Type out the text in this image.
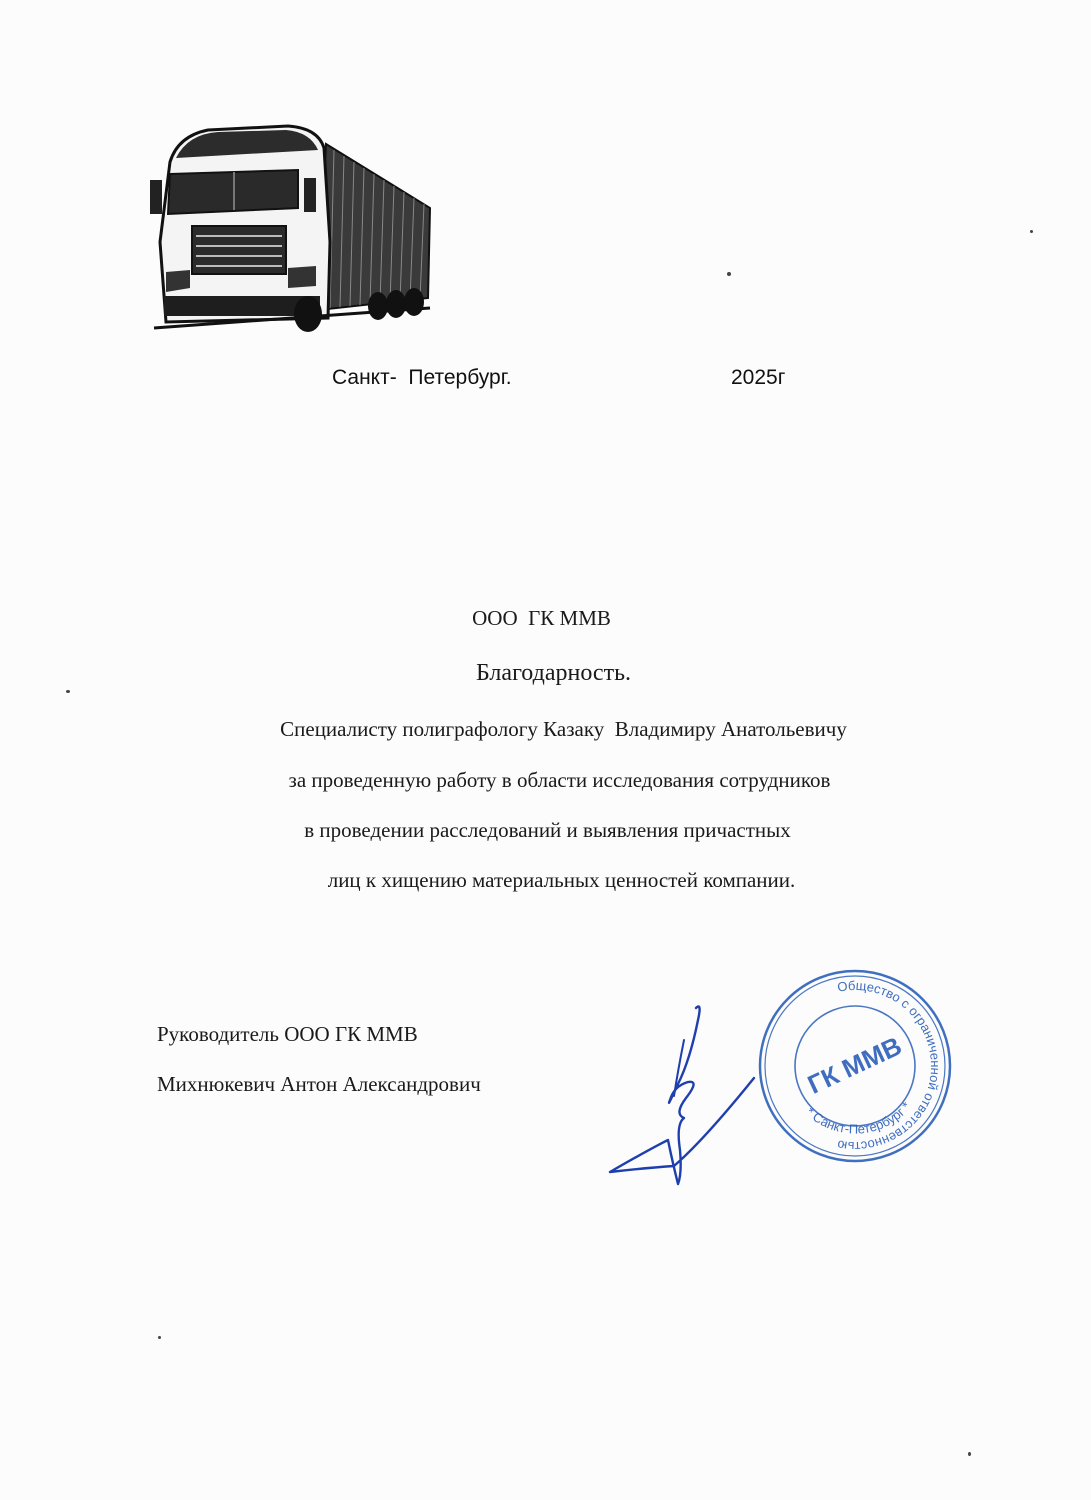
Санкт-  Петербург.	2025г
ООО  ГК ММВ
Благодарность.
Специалисту полиграфологу Казаку  Владимиру Анатольевичу
за проведенную работу в области исследования сотрудников
в проведении расследований и выявления причастных
лиц к хищению материальных ценностей компании.
Руководитель ООО ГК ММВ
Михнюкевич Антон Александрович
Общество с ограниченной ответственностью
* Санкт-Петербург *
ГК ММВ
